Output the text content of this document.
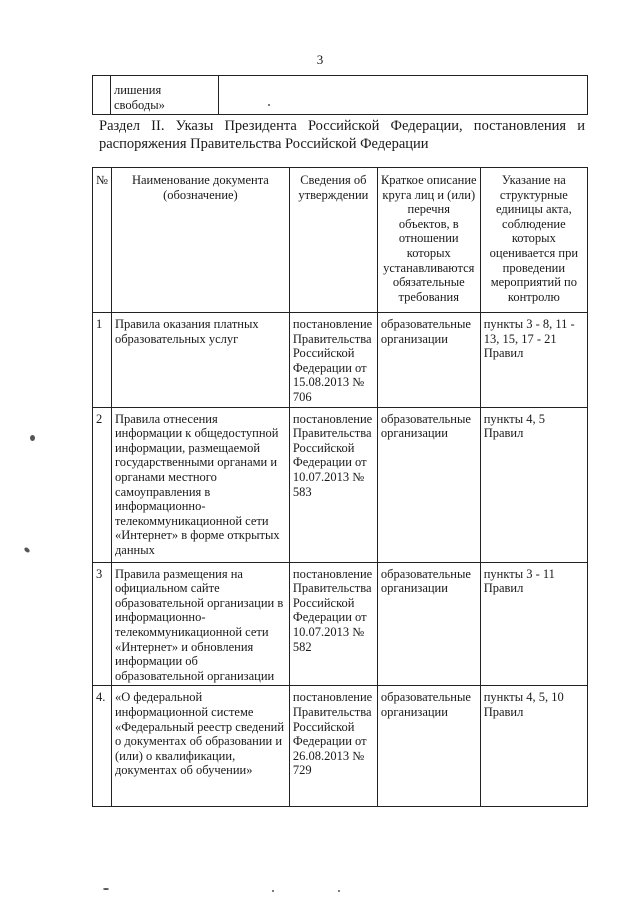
3
	лишения свободы»	
Раздел II. Указы Президента Российской Федерации, постановления и распоряжения Правительства Российской Федерации
№	Наименование документа (обозначение)	Сведения об утверждении	Краткое описание круга лиц и (или) перечня объектов, в отношении которых устанавливаются обязательные требования	Указание на структурные единицы акта, соблюдение которых оценивается при проведении мероприятий по контролю
1	Правила оказания платных образовательных услуг	постановление Правительства Российской Федерации от 15.08.2013 № 706	образовательные организации	пункты 3 - 8, 11 - 13, 15, 17 - 21 Правил
2	Правила отнесения информации к общедоступной информации, размещаемой государственными органами и органами местного самоуправления в информационно-телекоммуникационной сети «Интернет» в форме открытых данных	постановление Правительства Российской Федерации от 10.07.2013 № 583	образовательные организации	пункты 4, 5 Правил
3	Правила размещения на официальном сайте образовательной организации в информационно-телекоммуникационной сети «Интернет» и обновления информации об образовательной организации	постановление Правительства Российской Федерации от 10.07.2013 № 582	образовательные организации	пункты 3 - 11 Правил
4.	«О федеральной информационной системе «Федеральный реестр сведений о документах об образовании и (или) о квалификации, документах об обучении»	постановление Правительства Российской Федерации от 26.08.2013 № 729	образовательные организации	пункты 4, 5, 10 Правил
